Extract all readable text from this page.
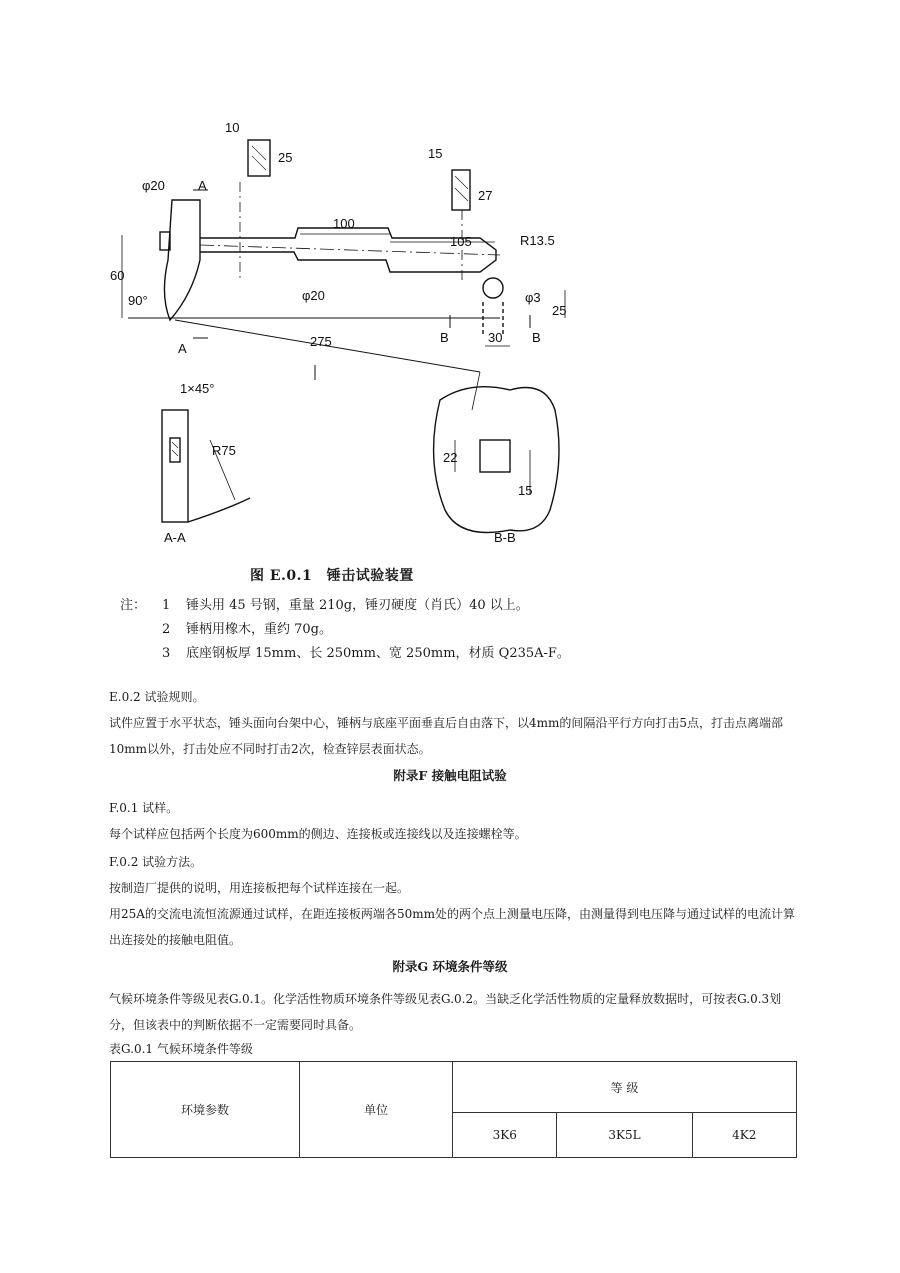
10
25	15
27
φ20	A
100
105	R13.5
60
φ20	φ3
25
90°
A	275	B	30 B
1×45°
R75
A-A
22
15
B-B
图 E.0.1　锤击试验装置
注：	1	锤头用 45 号钢，重量 210g，锤刃硬度（肖氏）40 以上。
2	锤柄用橡木，重约 70g。
3	底座钢板厚 15mm、长 250mm、宽 250mm，材质 Q235A-F。
E.0.2 试验规则。
试件应置于水平状态，锤头面向台架中心，锤柄与底座平面垂直后自由落下，以4mm的间隔沿平行方向打击5点，打击点离端部10mm以外，打击处应不同时打击2次，检查锌层表面状态。
附录F 接触电阻试验
F.0.1 试样。
每个试样应包括两个长度为600mm的侧边、连接板或连接线以及连接螺栓等。
F.0.2 试验方法。
按制造厂提供的说明，用连接板把每个试样连接在一起。
用25A的交流电流恒流源通过试样，在距连接板两端各50mm处的两个点上测量电压降，由测量得到电压降与通过试样的电流计算出连接处的接触电阻值。
附录G 环境条件等级
气候环境条件等级见表G.0.1。化学活性物质环境条件等级见表G.0.2。当缺乏化学活性物质的定量释放数据时，可按表G.0.3划分，但该表中的判断依据不一定需要同时具备。
表G.0.1 气候环境条件等级
环境参数	单位	等 级		
		3K6	3K5L	4K2
